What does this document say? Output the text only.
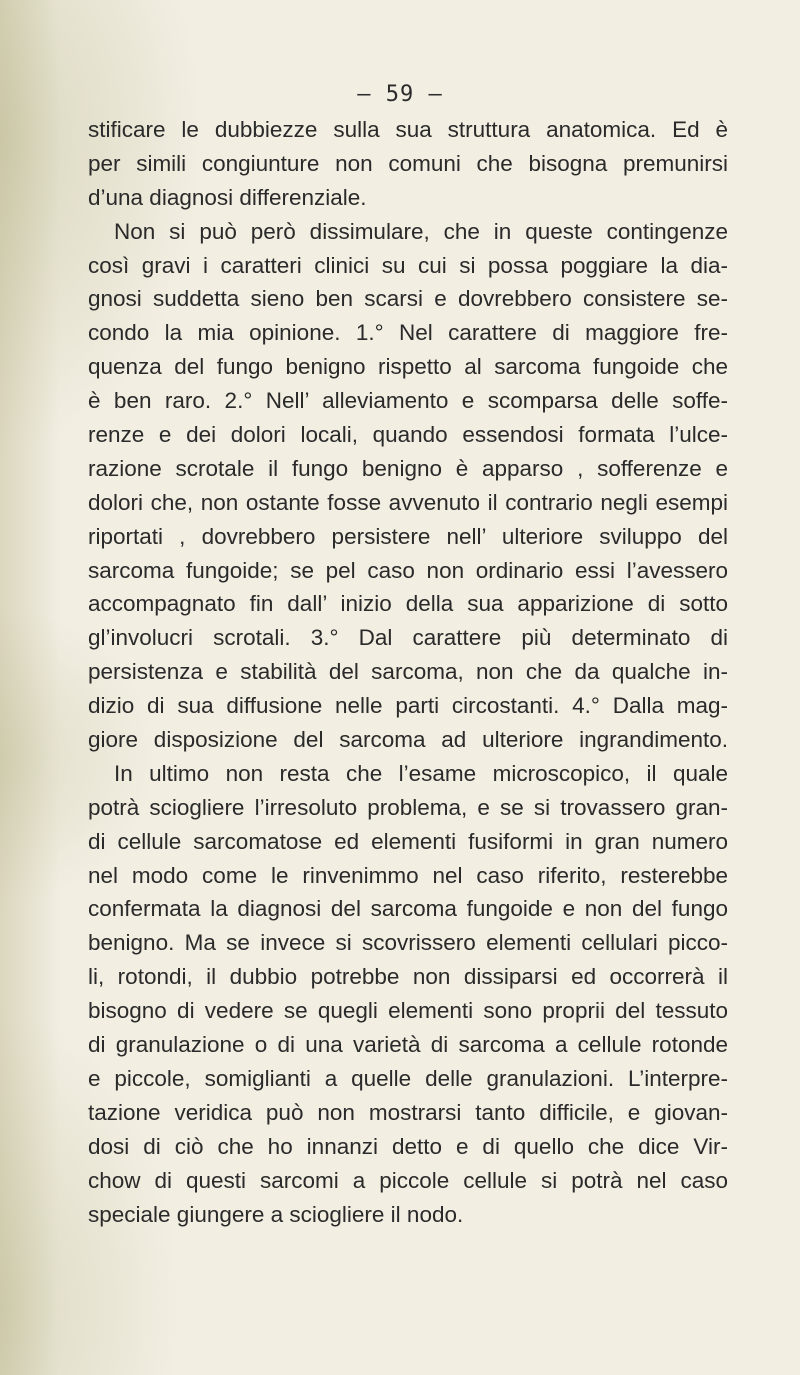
— 59 —
stificare le dubbiezze sulla sua struttura anatomica. Ed è
per simili congiunture non comuni che bisogna premunirsi
d’una diagnosi differenziale.
Non si può però dissimulare, che in queste contingenze
così gravi i caratteri clinici su cui si possa poggiare la dia-
gnosi suddetta sieno ben scarsi e dovrebbero consistere se-
condo la mia opinione. 1.° Nel carattere di maggiore fre-
quenza del fungo benigno rispetto al sarcoma fungoide che
è ben raro. 2.° Nell’ alleviamento e scomparsa delle soffe-
renze e dei dolori locali, quando essendosi formata l’ulce-
razione scrotale il fungo benigno è apparso , sofferenze e
dolori che, non ostante fosse avvenuto il contrario negli esempi
riportati , dovrebbero persistere nell’ ulteriore sviluppo del
sarcoma fungoide; se pel caso non ordinario essi l’avessero
accompagnato fin dall’ inizio della sua apparizione di sotto
gl’involucri scrotali. 3.° Dal carattere più determinato di
persistenza e stabilità del sarcoma, non che da qualche in-
dizio di sua diffusione nelle parti circostanti. 4.° Dalla mag-
giore disposizione del sarcoma ad ulteriore ingrandimento.
In ultimo non resta che l’esame microscopico, il quale
potrà sciogliere l’irresoluto problema, e se si trovassero gran-
di cellule sarcomatose ed elementi fusiformi in gran numero
nel modo come le rinvenimmo nel caso riferito, resterebbe
confermata la diagnosi del sarcoma fungoide e non del fungo
benigno. Ma se invece si scovrissero elementi cellulari picco-
li, rotondi, il dubbio potrebbe non dissiparsi ed occorrerà il
bisogno di vedere se quegli elementi sono proprii del tessuto
di granulazione o di una varietà di sarcoma a cellule rotonde
e piccole, somiglianti a quelle delle granulazioni. L’interpre-
tazione veridica può non mostrarsi tanto difficile, e giovan-
dosi di ciò che ho innanzi detto e di quello che dice Vir-
chow di questi sarcomi a piccole cellule si potrà nel caso
speciale giungere a sciogliere il nodo.
